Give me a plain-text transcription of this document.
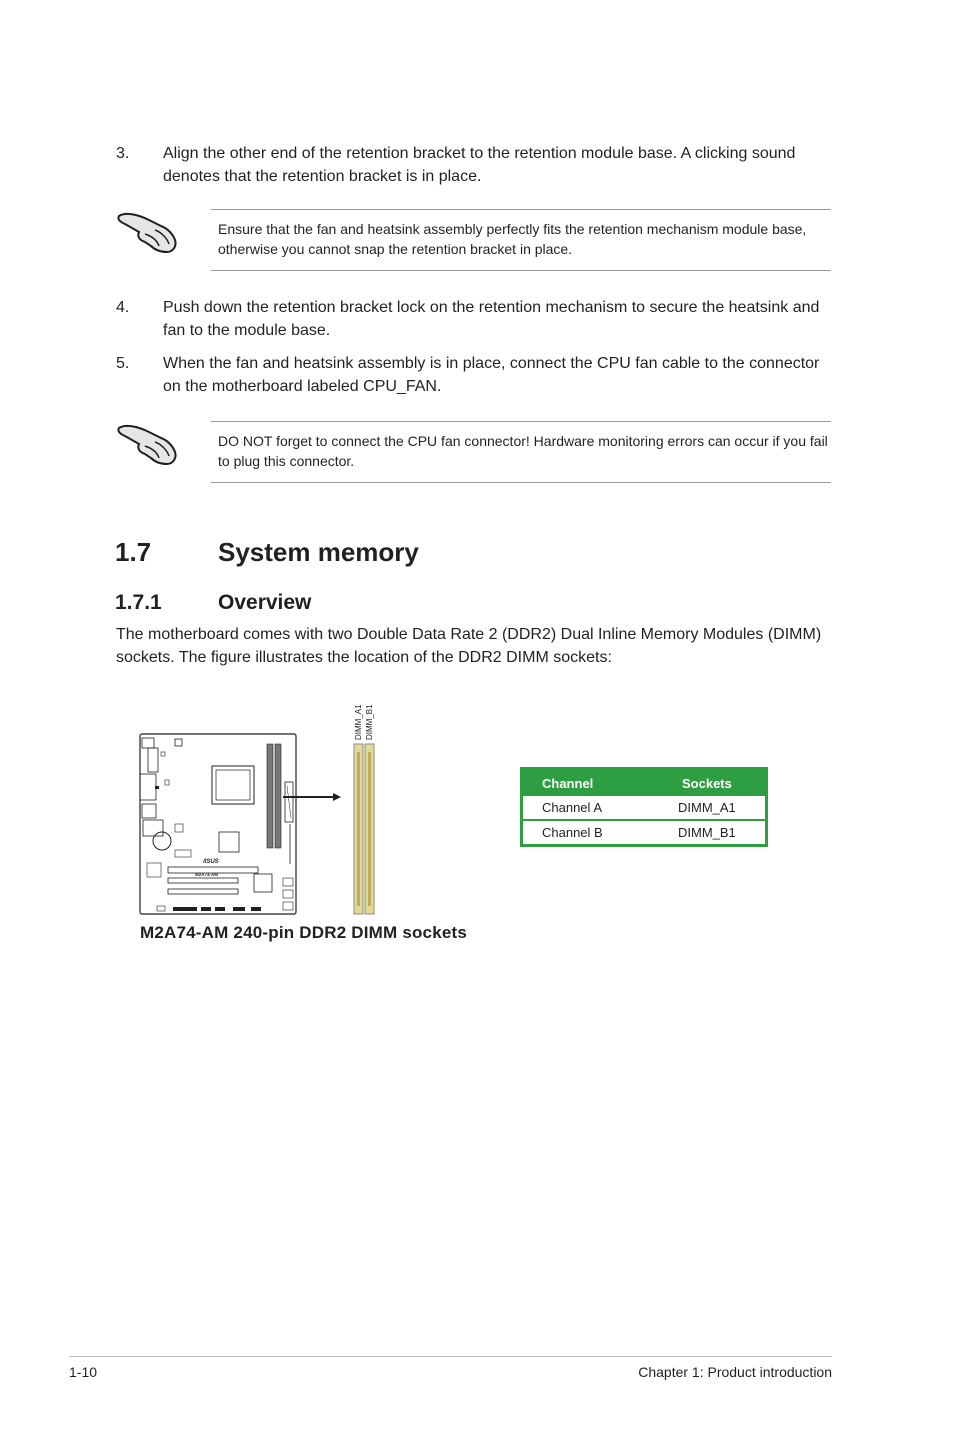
3. Align the other end of the retention bracket to the retention module base. A clicking sound denotes that the retention bracket is in place.
Ensure that the fan and heatsink assembly perfectly fits the retention mechanism module base, otherwise you cannot snap the retention bracket in place.
4. Push down the retention bracket lock on the retention mechanism to secure the heatsink and fan to the module base.
5. When the fan and heatsink assembly is in place, connect the CPU fan cable to the connector on the motherboard labeled CPU_FAN.
DO NOT forget to connect the CPU fan connector! Hardware monitoring errors can occur if you fail to plug this connector.
1.7	System memory
1.7.1	Overview
The motherboard comes with two Double Data Rate 2 (DDR2) Dual Inline Memory Modules (DIMM) sockets. The figure illustrates the location of the DDR2 DIMM sockets:
/ISUS
M2A74-AM
DIMM_A1 DIMM_B1
M2A74-AM 240-pin DDR2 DIMM sockets
Channel	Sockets
Channel A	DIMM_A1
Channel B	DIMM_B1
1-10	Chapter 1: Product introduction
